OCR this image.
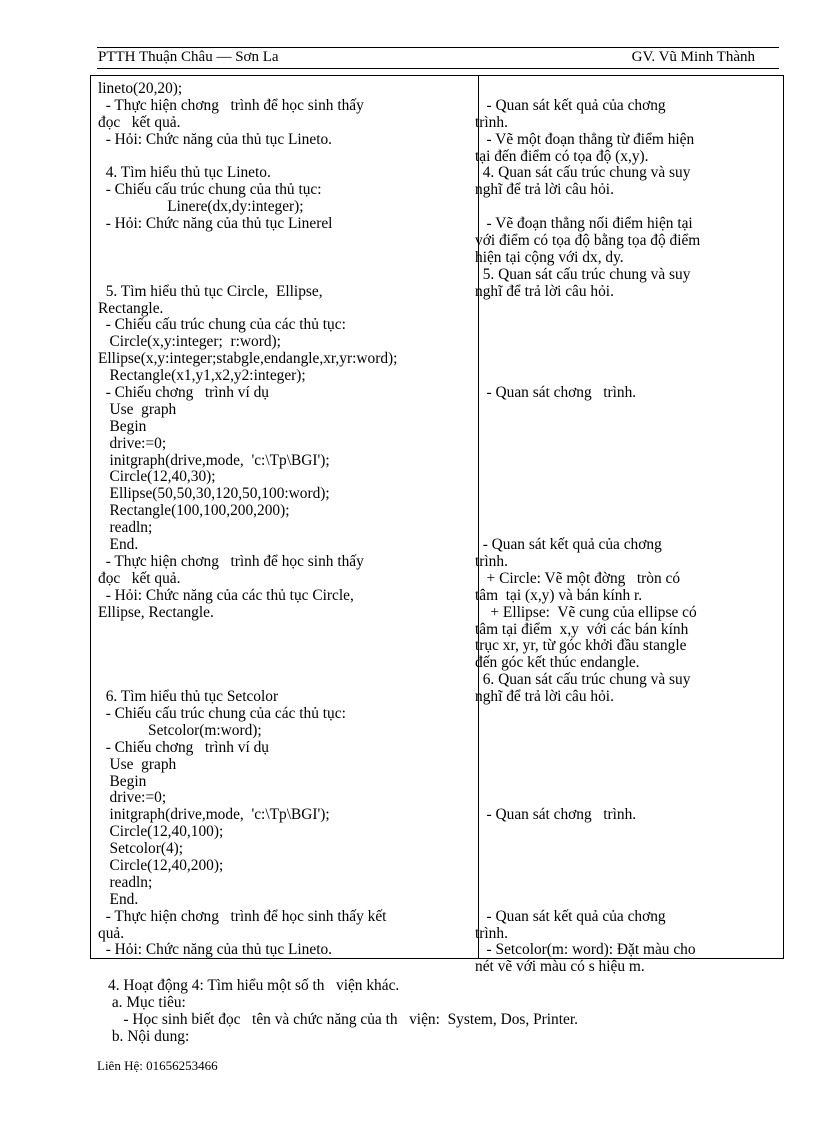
PTTH Thuận Châu — Sơn La	GV. Vũ Minh Thành
lineto(20,20);
- Thực hiện chơng   trình để học sinh thấy
đọc   kết quả.
- Hỏi: Chức năng của thủ tục Lineto.
4. Tìm hiểu thủ tục Lineto.
- Chiếu cấu trúc chung của thủ tục:
Linere(dx,dy:integer);
- Hỏi: Chức năng của thủ tục Linerel
5. Tìm hiểu thủ tục Circle,  Ellipse,
Rectangle.
- Chiếu cấu trúc chung của các thủ tục:
Circle(x,y:integer;  r:word);
Ellipse(x,y:integer;stabgle,endangle,xr,yr:word);
Rectangle(x1,y1,x2,y2:integer);
- Chiếu chơng   trình ví dụ
Use  graph
Begin
drive:=0;
initgraph(drive,mode,  'c:\Tp\BGI');
Circle(12,40,30);
Ellipse(50,50,30,120,50,100:word);
Rectangle(100,100,200,200);
readln;
End.
- Thực hiện chơng   trình để học sinh thấy
đọc   kết quả.
- Hỏi: Chức năng của các thủ tục Circle,
Ellipse, Rectangle.
6. Tìm hiểu thủ tục Setcolor
- Chiếu cấu trúc chung của các thủ tục:
Setcolor(m:word);
- Chiếu chơng   trình ví dụ
Use  graph
Begin
drive:=0;
initgraph(drive,mode,  'c:\Tp\BGI');
Circle(12,40,100);
Setcolor(4);
Circle(12,40,200);
readln;
End.
- Thực hiện chơng   trình để học sinh thấy kết
quả.
- Hỏi: Chức năng của thủ tục Lineto.
- Quan sát kết quả của chơng
trình.
- Vẽ một đoạn thẳng từ điểm hiện
tại đến điểm có tọa độ (x,y).
4. Quan sát cấu trúc chung và suy
nghĩ để trả lời câu hỏi.
- Vẽ đoạn thẳng nối điểm hiện tại
với điểm có tọa độ bằng tọa độ điểm
hiện tại cộng với dx, dy.
5. Quan sát cấu trúc chung và suy
nghĩ để trả lời câu hỏi.
- Quan sát chơng   trình.
- Quan sát kết quả của chơng
trình.
+ Circle: Vẽ một đờng   tròn có
tâm  tại (x,y) và bán kính r.
+ Ellipse:  Vẽ cung của ellipse có
tâm tại điểm  x,y  với các bán kính
trục xr, yr, từ góc khởi đầu stangle
đến góc kết thúc endangle.
6. Quan sát cấu trúc chung và suy
nghĩ để trả lời câu hỏi.
- Quan sát chơng   trình.
- Quan sát kết quả của chơng
trình.
- Setcolor(m: word): Đặt màu cho
nét vẽ với màu có s hiệu m.
4. Hoạt động 4: Tìm hiểu một số th   viện khác.
a. Mục tiêu:
- Học sinh biết đọc   tên và chức năng của th   viện:  System, Dos, Printer.
b. Nội dung:
Liên Hệ: 01656253466
